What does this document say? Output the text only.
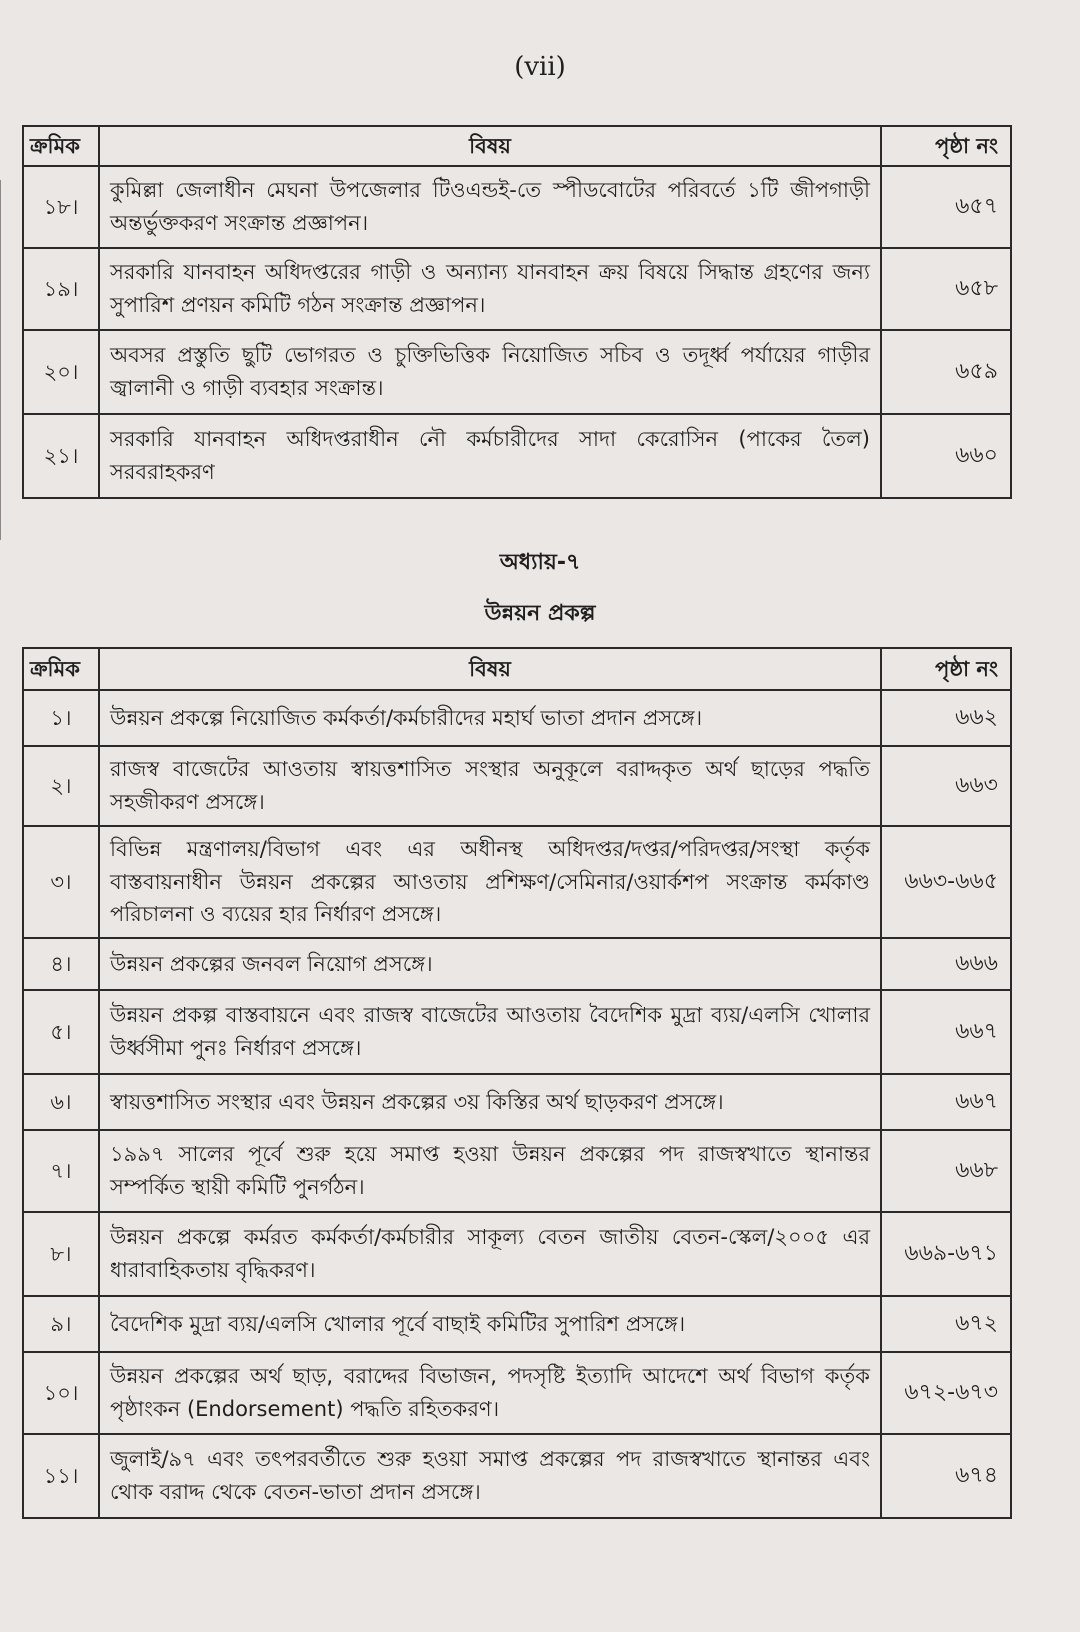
(vii)
ক্রমিক	বিষয়	পৃষ্ঠা নং
১৮।	কুমিল্লা জেলাধীন মেঘনা উপজেলার টিওএন্ডই-তে স্পীডবোটের পরিবর্তে ১টি জীপগাড়ী অন্তর্ভুক্তকরণ সংক্রান্ত প্রজ্ঞাপন।	৬৫৭
১৯।	সরকারি যানবাহন অধিদপ্তরের গাড়ী ও অন্যান্য যানবাহন ক্রয় বিষয়ে সিদ্ধান্ত গ্রহণের জন্য সুপারিশ প্রণয়ন কমিটি গঠন সংক্রান্ত প্রজ্ঞাপন।	৬৫৮
২০।	অবসর প্রস্তুতি ছুটি ভোগরত ও চুক্তিভিত্তিক নিয়োজিত সচিব ও তদূর্ধ্ব পর্যায়ের গাড়ীর জ্বালানী ও গাড়ী ব্যবহার সংক্রান্ত।	৬৫৯
২১।	সরকারি যানবাহন অধিদপ্তরাধীন নৌ কর্মচারীদের সাদা কেরোসিন (পাকের তৈল) সরবরাহকরণ	৬৬০
অধ্যায়-৭
উন্নয়ন প্রকল্প
ক্রমিক	বিষয়	পৃষ্ঠা নং
১।	উন্নয়ন প্রকল্পে নিয়োজিত কর্মকর্তা/কর্মচারীদের মহার্ঘ ভাতা প্রদান প্রসঙ্গে।	৬৬২
২।	রাজস্ব বাজেটের আওতায় স্বায়ত্তশাসিত সংস্থার অনুকূলে বরাদ্দকৃত অর্থ ছাড়ের পদ্ধতি সহজীকরণ প্রসঙ্গে।	৬৬৩
৩।	বিভিন্ন মন্ত্রণালয়/বিভাগ এবং এর অধীনস্থ অধিদপ্তর/দপ্তর/পরিদপ্তর/সংস্থা কর্তৃক বাস্তবায়নাধীন উন্নয়ন প্রকল্পের আওতায় প্রশিক্ষণ/সেমিনার/ওয়ার্কশপ সংক্রান্ত কর্মকাণ্ড পরিচালনা ও ব্যয়ের হার নির্ধারণ প্রসঙ্গে।	৬৬৩-৬৬৫
৪।	উন্নয়ন প্রকল্পের জনবল নিয়োগ প্রসঙ্গে।	৬৬৬
৫।	উন্নয়ন প্রকল্প বাস্তবায়নে এবং রাজস্ব বাজেটের আওতায় বৈদেশিক মুদ্রা ব্যয়/এলসি খোলার উর্ধ্বসীমা পুনঃ নির্ধারণ প্রসঙ্গে।	৬৬৭
৬।	স্বায়ত্তশাসিত সংস্থার এবং উন্নয়ন প্রকল্পের ৩য় কিস্তির অর্থ ছাড়করণ প্রসঙ্গে।	৬৬৭
৭।	১৯৯৭ সালের পূর্বে শুরু হয়ে সমাপ্ত হওয়া উন্নয়ন প্রকল্পের পদ রাজস্বখাতে স্থানান্তর সম্পর্কিত স্থায়ী কমিটি পুনর্গঠন।	৬৬৮
৮।	উন্নয়ন প্রকল্পে কর্মরত কর্মকর্তা/কর্মচারীর সাকূল্য বেতন জাতীয় বেতন-স্কেল/২০০৫ এর ধারাবাহিকতায় বৃদ্ধিকরণ।	৬৬৯-৬৭১
৯।	বৈদেশিক মুদ্রা ব্যয়/এলসি খোলার পূর্বে বাছাই কমিটির সুপারিশ প্রসঙ্গে।	৬৭২
১০।	উন্নয়ন প্রকল্পের অর্থ ছাড়, বরাদ্দের বিভাজন, পদসৃষ্টি ইত্যাদি আদেশে অর্থ বিভাগ কর্তৃক পৃষ্ঠাংকন (Endorsement) পদ্ধতি রহিতকরণ।	৬৭২-৬৭৩
১১।	জুলাই/৯৭ এবং তৎপরবর্তীতে শুরু হওয়া সমাপ্ত প্রকল্পের পদ রাজস্বখাতে স্থানান্তর এবং থোক বরাদ্দ থেকে বেতন-ভাতা প্রদান প্রসঙ্গে।	৬৭৪
